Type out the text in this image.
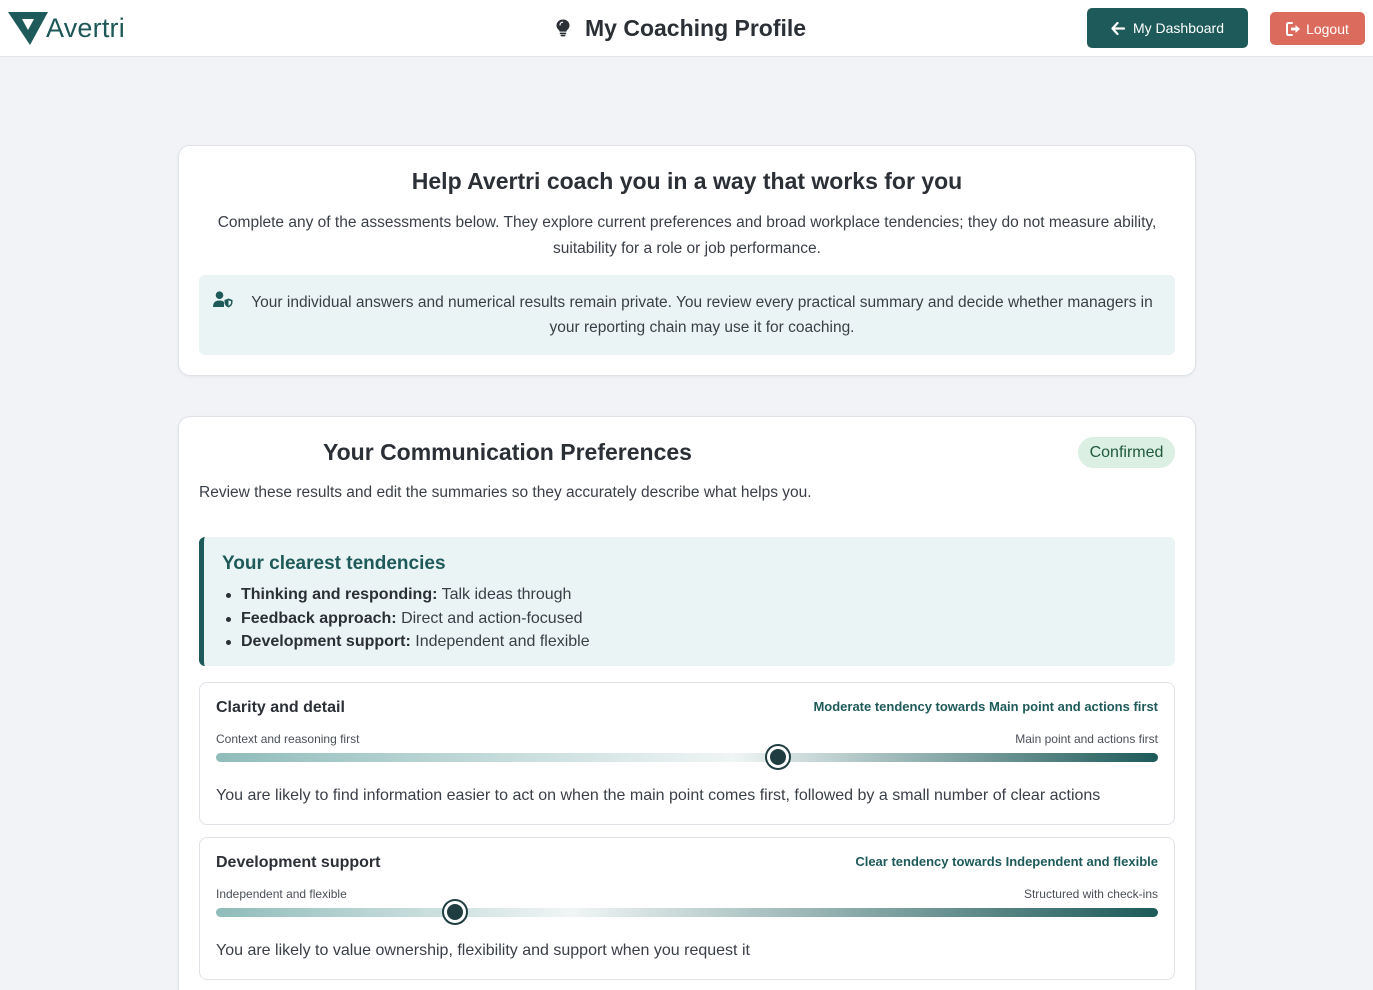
Avertri	My Coaching Profile	My Dashboard	Logout
Help Avertri coach you in a way that works for you
Complete any of the assessments below. They explore current preferences and broad workplace tendencies; they do not measure ability, suitability for a role or job performance.
Your individual answers and numerical results remain private. You review every practical summary and decide whether managers in your reporting chain may use it for coaching.
Your Communication Preferences	Confirmed
Review these results and edit the summaries so they accurately describe what helps you.
Your clearest tendencies
Thinking and responding: Talk ideas through
Feedback approach: Direct and action-focused
Development support: Independent and flexible
Clarity and detail	Moderate tendency towards Main point and actions first
Context and reasoning first	Main point and actions first
You are likely to find information easier to act on when the main point comes first, followed by a small number of clear actions
Development support	Clear tendency towards Independent and flexible
Independent and flexible	Structured with check-ins
You are likely to value ownership, flexibility and support when you request it
